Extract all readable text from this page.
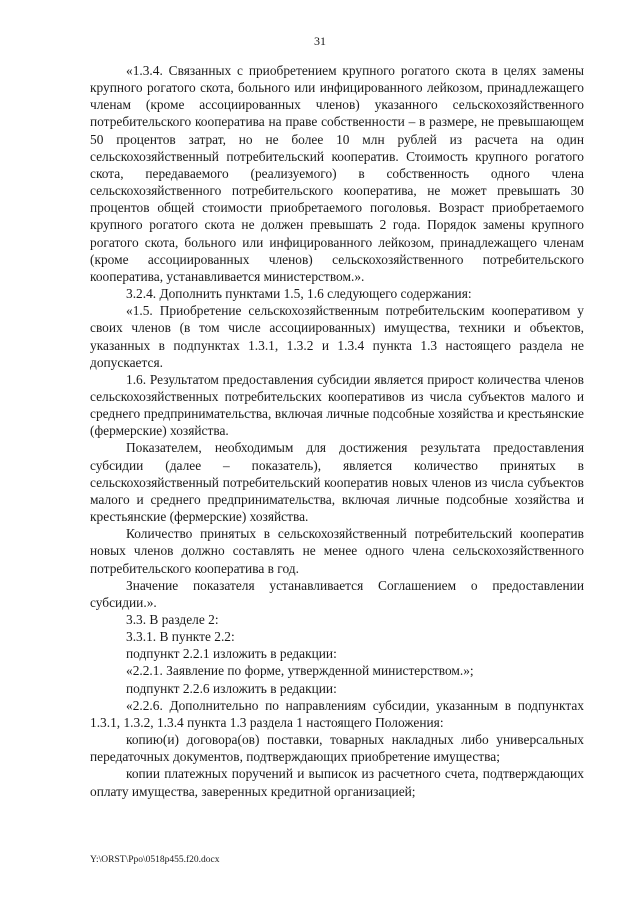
31

«1.3.4. Связанных с приобретением крупного рогатого скота в целях замены крупного рогатого скота, больного или инфицированного лейкозом, принадлежащего членам (кроме ассоциированных членов) указанного сельскохозяйственного потребительского кооператива на праве собственности – в размере, не превышающем 50 процентов затрат, но не более 10 млн рублей из расчета на один сельскохозяйственный потребительский кооператив. Стоимость крупного рогатого скота, передаваемого (реализуемого) в собственность одного члена сельскохозяйственного потребительского кооператива, не может превышать 30 процентов общей стоимости приобретаемого поголовья. Возраст приобретаемого крупного рогатого скота не должен превышать 2 года. Порядок замены крупного рогатого скота, больного или инфицированного лейкозом, принадлежащего членам (кроме ассоциированных членов) сельскохозяйственного потребительского кооператива, устанавливается министерством.».

3.2.4. Дополнить пунктами 1.5, 1.6 следующего содержания:

«1.5. Приобретение сельскохозяйственным потребительским кооперативом у своих членов (в том числе ассоциированных) имущества, техники и объектов, указанных в подпунктах 1.3.1, 1.3.2 и 1.3.4 пункта 1.3 настоящего раздела не допускается.

1.6. Результатом предоставления субсидии является прирост количества членов сельскохозяйственных потребительских кооперативов из числа субъектов малого и среднего предпринимательства, включая личные подсобные хозяйства и крестьянские (фермерские) хозяйства.

Показателем, необходимым для достижения результата предоставления субсидии (далее – показатель), является количество принятых в сельскохозяйственный потребительский кооператив новых членов из числа субъектов малого и среднего предпринимательства, включая личные подсобные хозяйства и крестьянские (фермерские) хозяйства.

Количество принятых в сельскохозяйственный потребительский кооператив новых членов должно составлять не менее одного члена сельскохозяйственного потребительского кооператива в год.

Значение показателя устанавливается Соглашением о предоставлении субсидии.».

3.3. В разделе 2:

3.3.1. В пункте 2.2:

подпункт 2.2.1 изложить в редакции:

«2.2.1. Заявление по форме, утвержденной министерством.»;

подпункт 2.2.6 изложить в редакции:

«2.2.6. Дополнительно по направлениям субсидии, указанным в подпунктах 1.3.1, 1.3.2, 1.3.4 пункта 1.3 раздела 1 настоящего Положения:

копию(и) договора(ов) поставки, товарных накладных либо универсальных передаточных документов, подтверждающих приобретение имущества;

копии платежных поручений и выписок из расчетного счета, подтверждающих оплату имущества, заверенных кредитной организацией;

Y:\ORST\Ppo\0518p455.f20.docx
